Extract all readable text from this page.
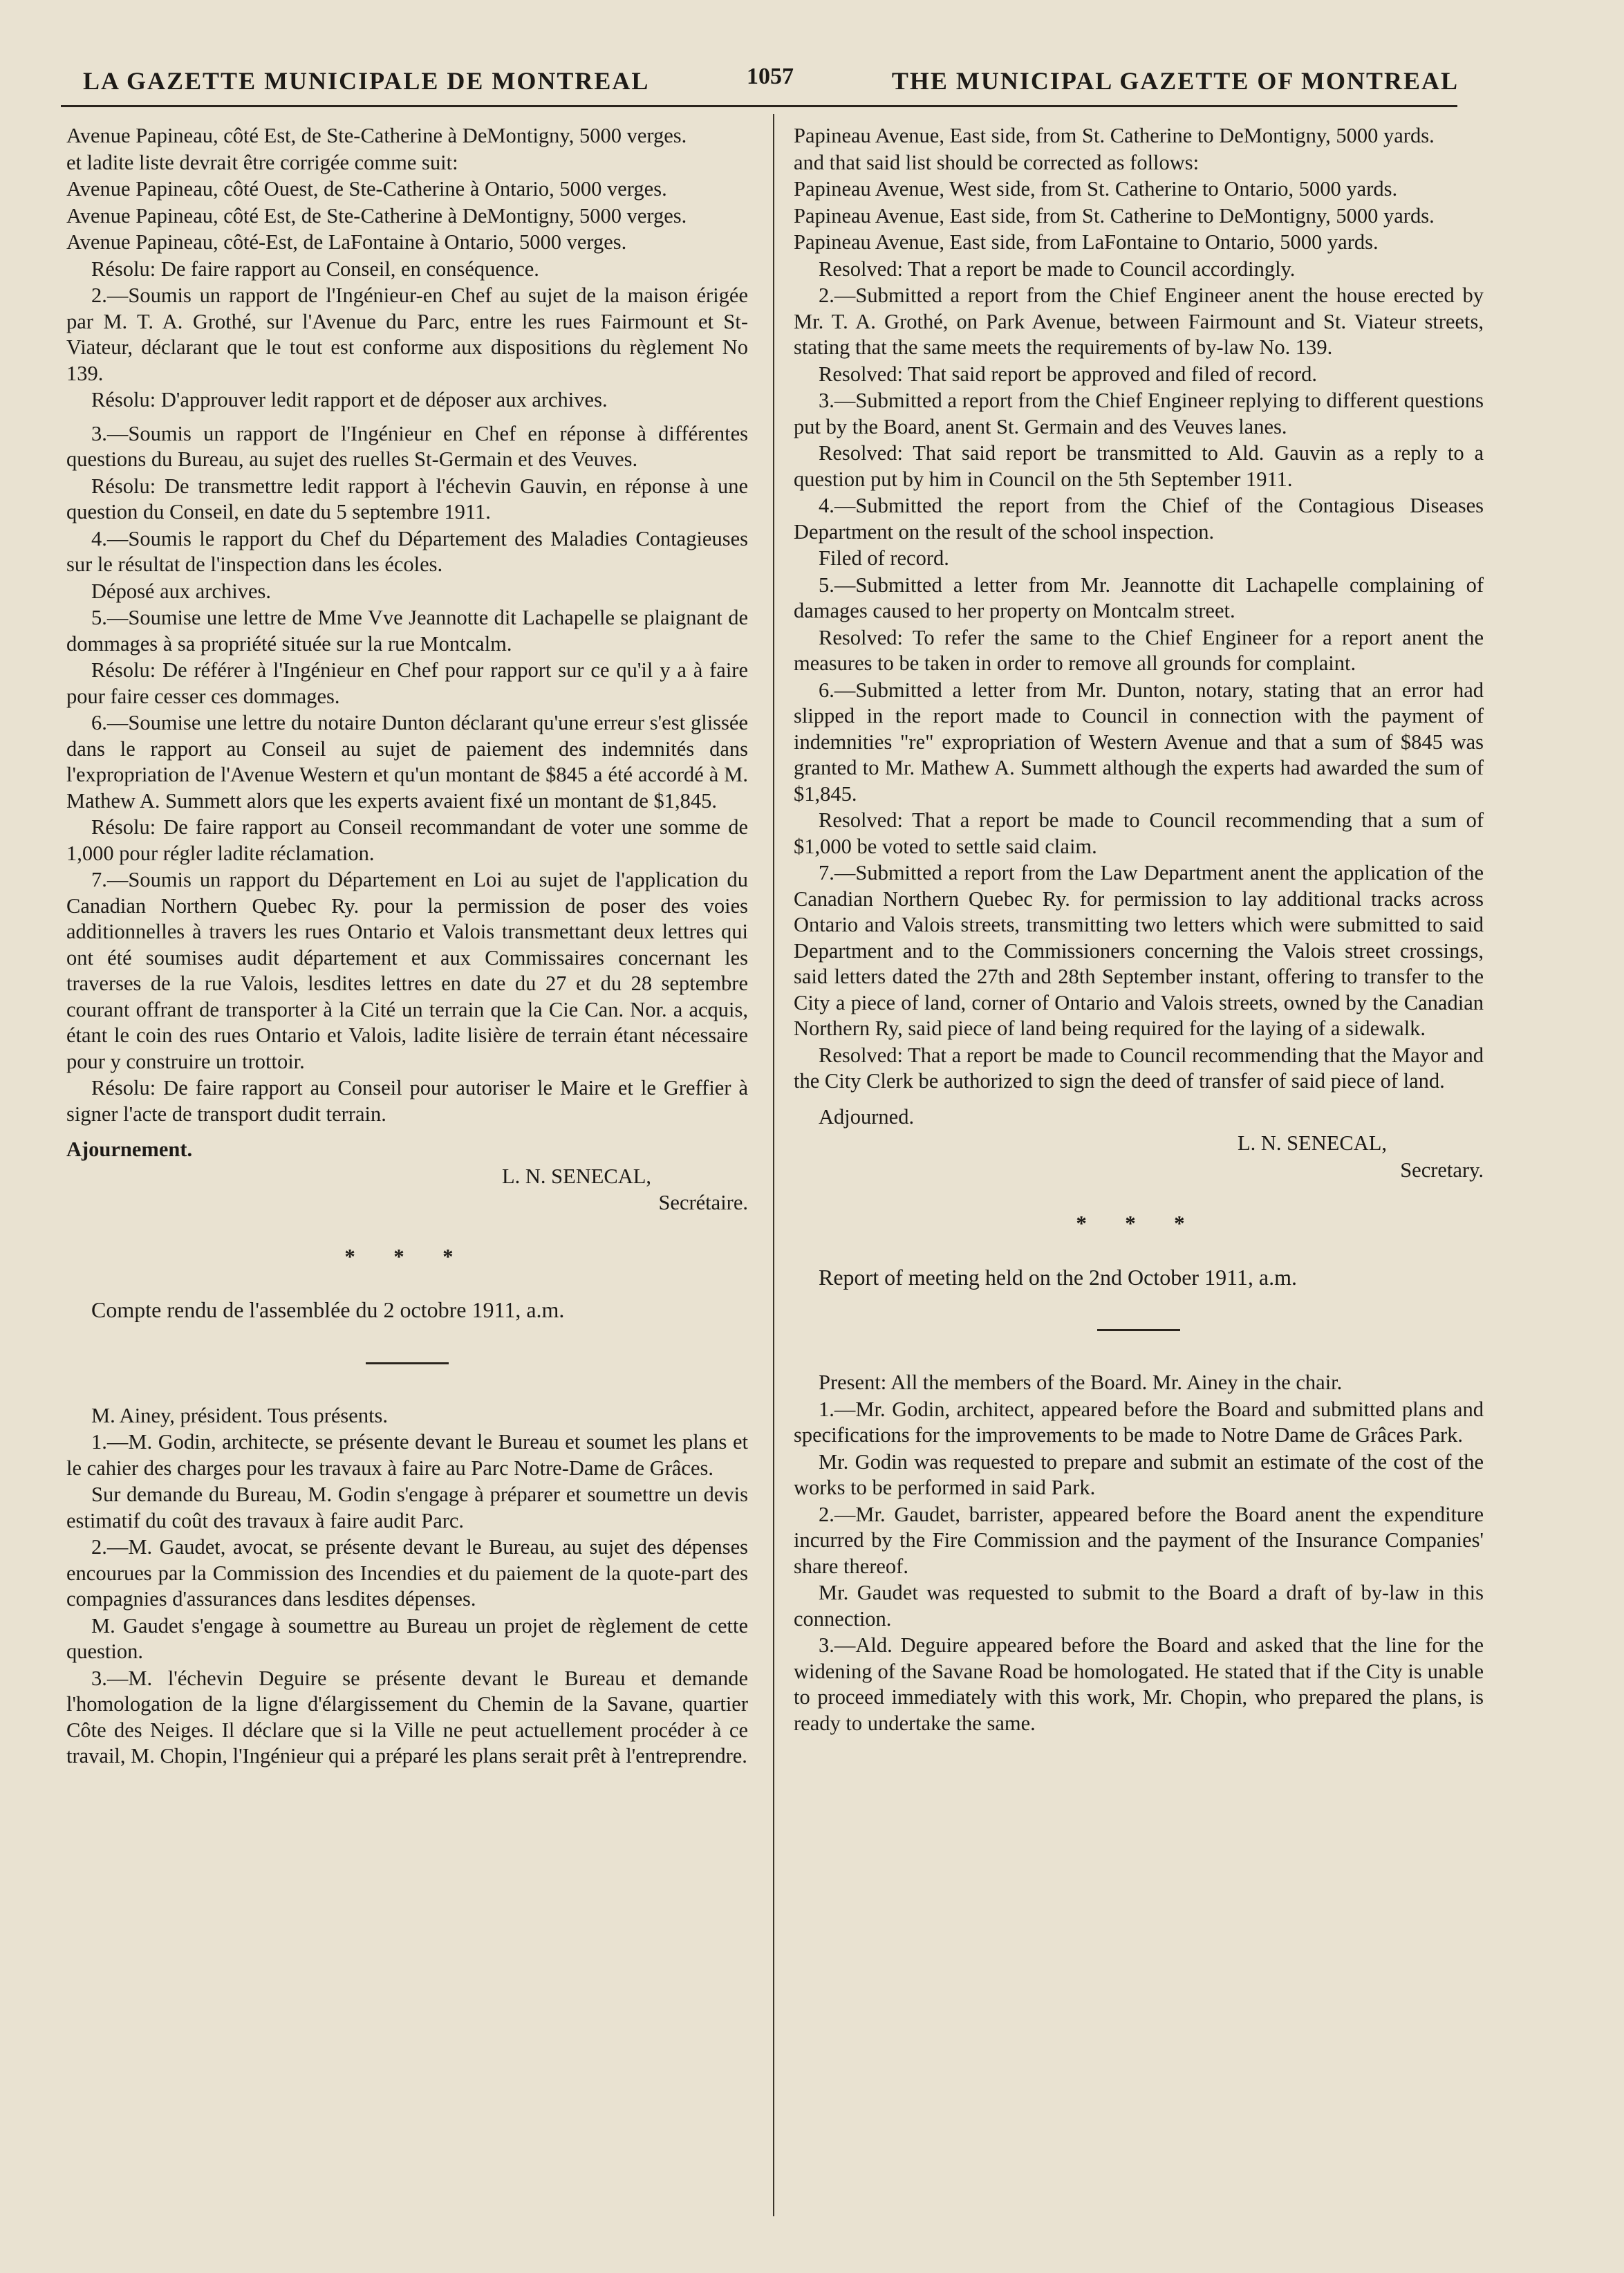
LA GAZETTE MUNICIPALE DE MONTREAL	1057	THE MUNICIPAL GAZETTE OF MONTREAL

Avenue Papineau, côté Est, de Ste-Catherine à DeMontigny, 5000 verges.

et ladite liste devrait être corrigée comme suit:

Avenue Papineau, côté Ouest, de Ste-Catherine à Ontario, 5000 verges.

Avenue Papineau, côté Est, de Ste-Catherine à DeMontigny, 5000 verges.

Avenue Papineau, côté-Est, de LaFontaine à Ontario, 5000 verges.

Résolu: De faire rapport au Conseil, en conséquence.

2.—Soumis un rapport de l'Ingénieur-en Chef au sujet de la maison érigée par M. T. A. Grothé, sur l'Avenue du Parc, entre les rues Fairmount et St-Viateur, déclarant que le tout est conforme aux dispositions du règlement No 139.

Résolu: D'approuver ledit rapport et de déposer aux archives.

3.—Soumis un rapport de l'Ingénieur en Chef en réponse à différentes questions du Bureau, au sujet des ruelles St-Germain et des Veuves.

Résolu: De transmettre ledit rapport à l'échevin Gauvin, en réponse à une question du Conseil, en date du 5 septembre 1911.

4.—Soumis le rapport du Chef du Département des Maladies Contagieuses sur le résultat de l'inspection dans les écoles.

Déposé aux archives.

5.—Soumise une lettre de Mme Vve Jeannotte dit Lachapelle se plaignant de dommages à sa propriété située sur la rue Montcalm.

Résolu: De référer à l'Ingénieur en Chef pour rapport sur ce qu'il y a à faire pour faire cesser ces dommages.

6.—Soumise une lettre du notaire Dunton déclarant qu'une erreur s'est glissée dans le rapport au Conseil au sujet de paiement des indemnités dans l'expropriation de l'Avenue Western et qu'un montant de $845 a été accordé à M. Mathew A. Summett alors que les experts avaient fixé un montant de $1,845.

Résolu: De faire rapport au Conseil recommandant de voter une somme de 1,000 pour régler ladite réclamation.

7.—Soumis un rapport du Département en Loi au sujet de l'application du Canadian Northern Quebec Ry. pour la permission de poser des voies additionnelles à travers les rues Ontario et Valois transmettant deux lettres qui ont été soumises audit département et aux Commissaires concernant les traverses de la rue Valois, lesdites lettres en date du 27 et du 28 septembre courant offrant de transporter à la Cité un terrain que la Cie Can. Nor. a acquis, étant le coin des rues Ontario et Valois, ladite lisière de terrain étant nécessaire pour y construire un trottoir.

Résolu: De faire rapport au Conseil pour autoriser le Maire et le Greffier à signer l'acte de transport dudit terrain.

Ajournement.

L. N. SENECAL,

Secrétaire.

* * *

Compte rendu de l'assemblée du 2 octobre 1911, a.m.

M. Ainey, président. Tous présents.

1.—M. Godin, architecte, se présente devant le Bureau et soumet les plans et le cahier des charges pour les travaux à faire au Parc Notre-Dame de Grâces.

Sur demande du Bureau, M. Godin s'engage à préparer et soumettre un devis estimatif du coût des travaux à faire audit Parc.

2.—M. Gaudet, avocat, se présente devant le Bureau, au sujet des dépenses encourues par la Commission des Incendies et du paiement de la quote-part des compagnies d'assurances dans lesdites dépenses.

M. Gaudet s'engage à soumettre au Bureau un projet de règlement de cette question.

3.—M. l'échevin Deguire se présente devant le Bureau et demande l'homologation de la ligne d'élargissement du Chemin de la Savane, quartier Côte des Neiges. Il déclare que si la Ville ne peut actuellement procéder à ce travail, M. Chopin, l'Ingénieur qui a préparé les plans serait prêt à l'entreprendre.

Papineau Avenue, East side, from St. Catherine to DeMontigny, 5000 yards.

and that said list should be corrected as follows:

Papineau Avenue, West side, from St. Catherine to Ontario, 5000 yards.

Papineau Avenue, East side, from St. Catherine to DeMontigny, 5000 yards.

Papineau Avenue, East side, from LaFontaine to Ontario, 5000 yards.

Resolved: That a report be made to Council accordingly.

2.—Submitted a report from the Chief Engineer anent the house erected by Mr. T. A. Grothé, on Park Avenue, between Fairmount and St. Viateur streets, stating that the same meets the requirements of by-law No. 139.

Resolved: That said report be approved and filed of record.

3.—Submitted a report from the Chief Engineer replying to different questions put by the Board, anent St. Germain and des Veuves lanes.

Resolved: That said report be transmitted to Ald. Gauvin as a reply to a question put by him in Council on the 5th September 1911.

4.—Submitted the report from the Chief of the Contagious Diseases Department on the result of the school inspection.

Filed of record.

5.—Submitted a letter from Mr. Jeannotte dit Lachapelle complaining of damages caused to her property on Montcalm street.

Resolved: To refer the same to the Chief Engineer for a report anent the measures to be taken in order to remove all grounds for complaint.

6.—Submitted a letter from Mr. Dunton, notary, stating that an error had slipped in the report made to Council in connection with the payment of indemnities "re" expropriation of Western Avenue and that a sum of $845 was granted to Mr. Mathew A. Summett although the experts had awarded the sum of $1,845.

Resolved: That a report be made to Council recommending that a sum of $1,000 be voted to settle said claim.

7.—Submitted a report from the Law Department anent the application of the Canadian Northern Quebec Ry. for permission to lay additional tracks across Ontario and Valois streets, transmitting two letters which were submitted to said Department and to the Commissioners concerning the Valois street crossings, said letters dated the 27th and 28th September instant, offering to transfer to the City a piece of land, corner of Ontario and Valois streets, owned by the Canadian Northern Ry, said piece of land being required for the laying of a sidewalk.

Resolved: That a report be made to Council recommending that the Mayor and the City Clerk be authorized to sign the deed of transfer of said piece of land.

Adjourned.

L. N. SENECAL,

Secretary.

* * *

Report of meeting held on the 2nd October 1911, a.m.

Present: All the members of the Board. Mr. Ainey in the chair.

1.—Mr. Godin, architect, appeared before the Board and submitted plans and specifications for the improvements to be made to Notre Dame de Grâces Park.

Mr. Godin was requested to prepare and submit an estimate of the cost of the works to be performed in said Park.

2.—Mr. Gaudet, barrister, appeared before the Board anent the expenditure incurred by the Fire Commission and the payment of the Insurance Companies' share thereof.

Mr. Gaudet was requested to submit to the Board a draft of by-law in this connection.

3.—Ald. Deguire appeared before the Board and asked that the line for the widening of the Savane Road be homologated. He stated that if the City is unable to proceed immediately with this work, Mr. Chopin, who prepared the plans, is ready to undertake the same.
